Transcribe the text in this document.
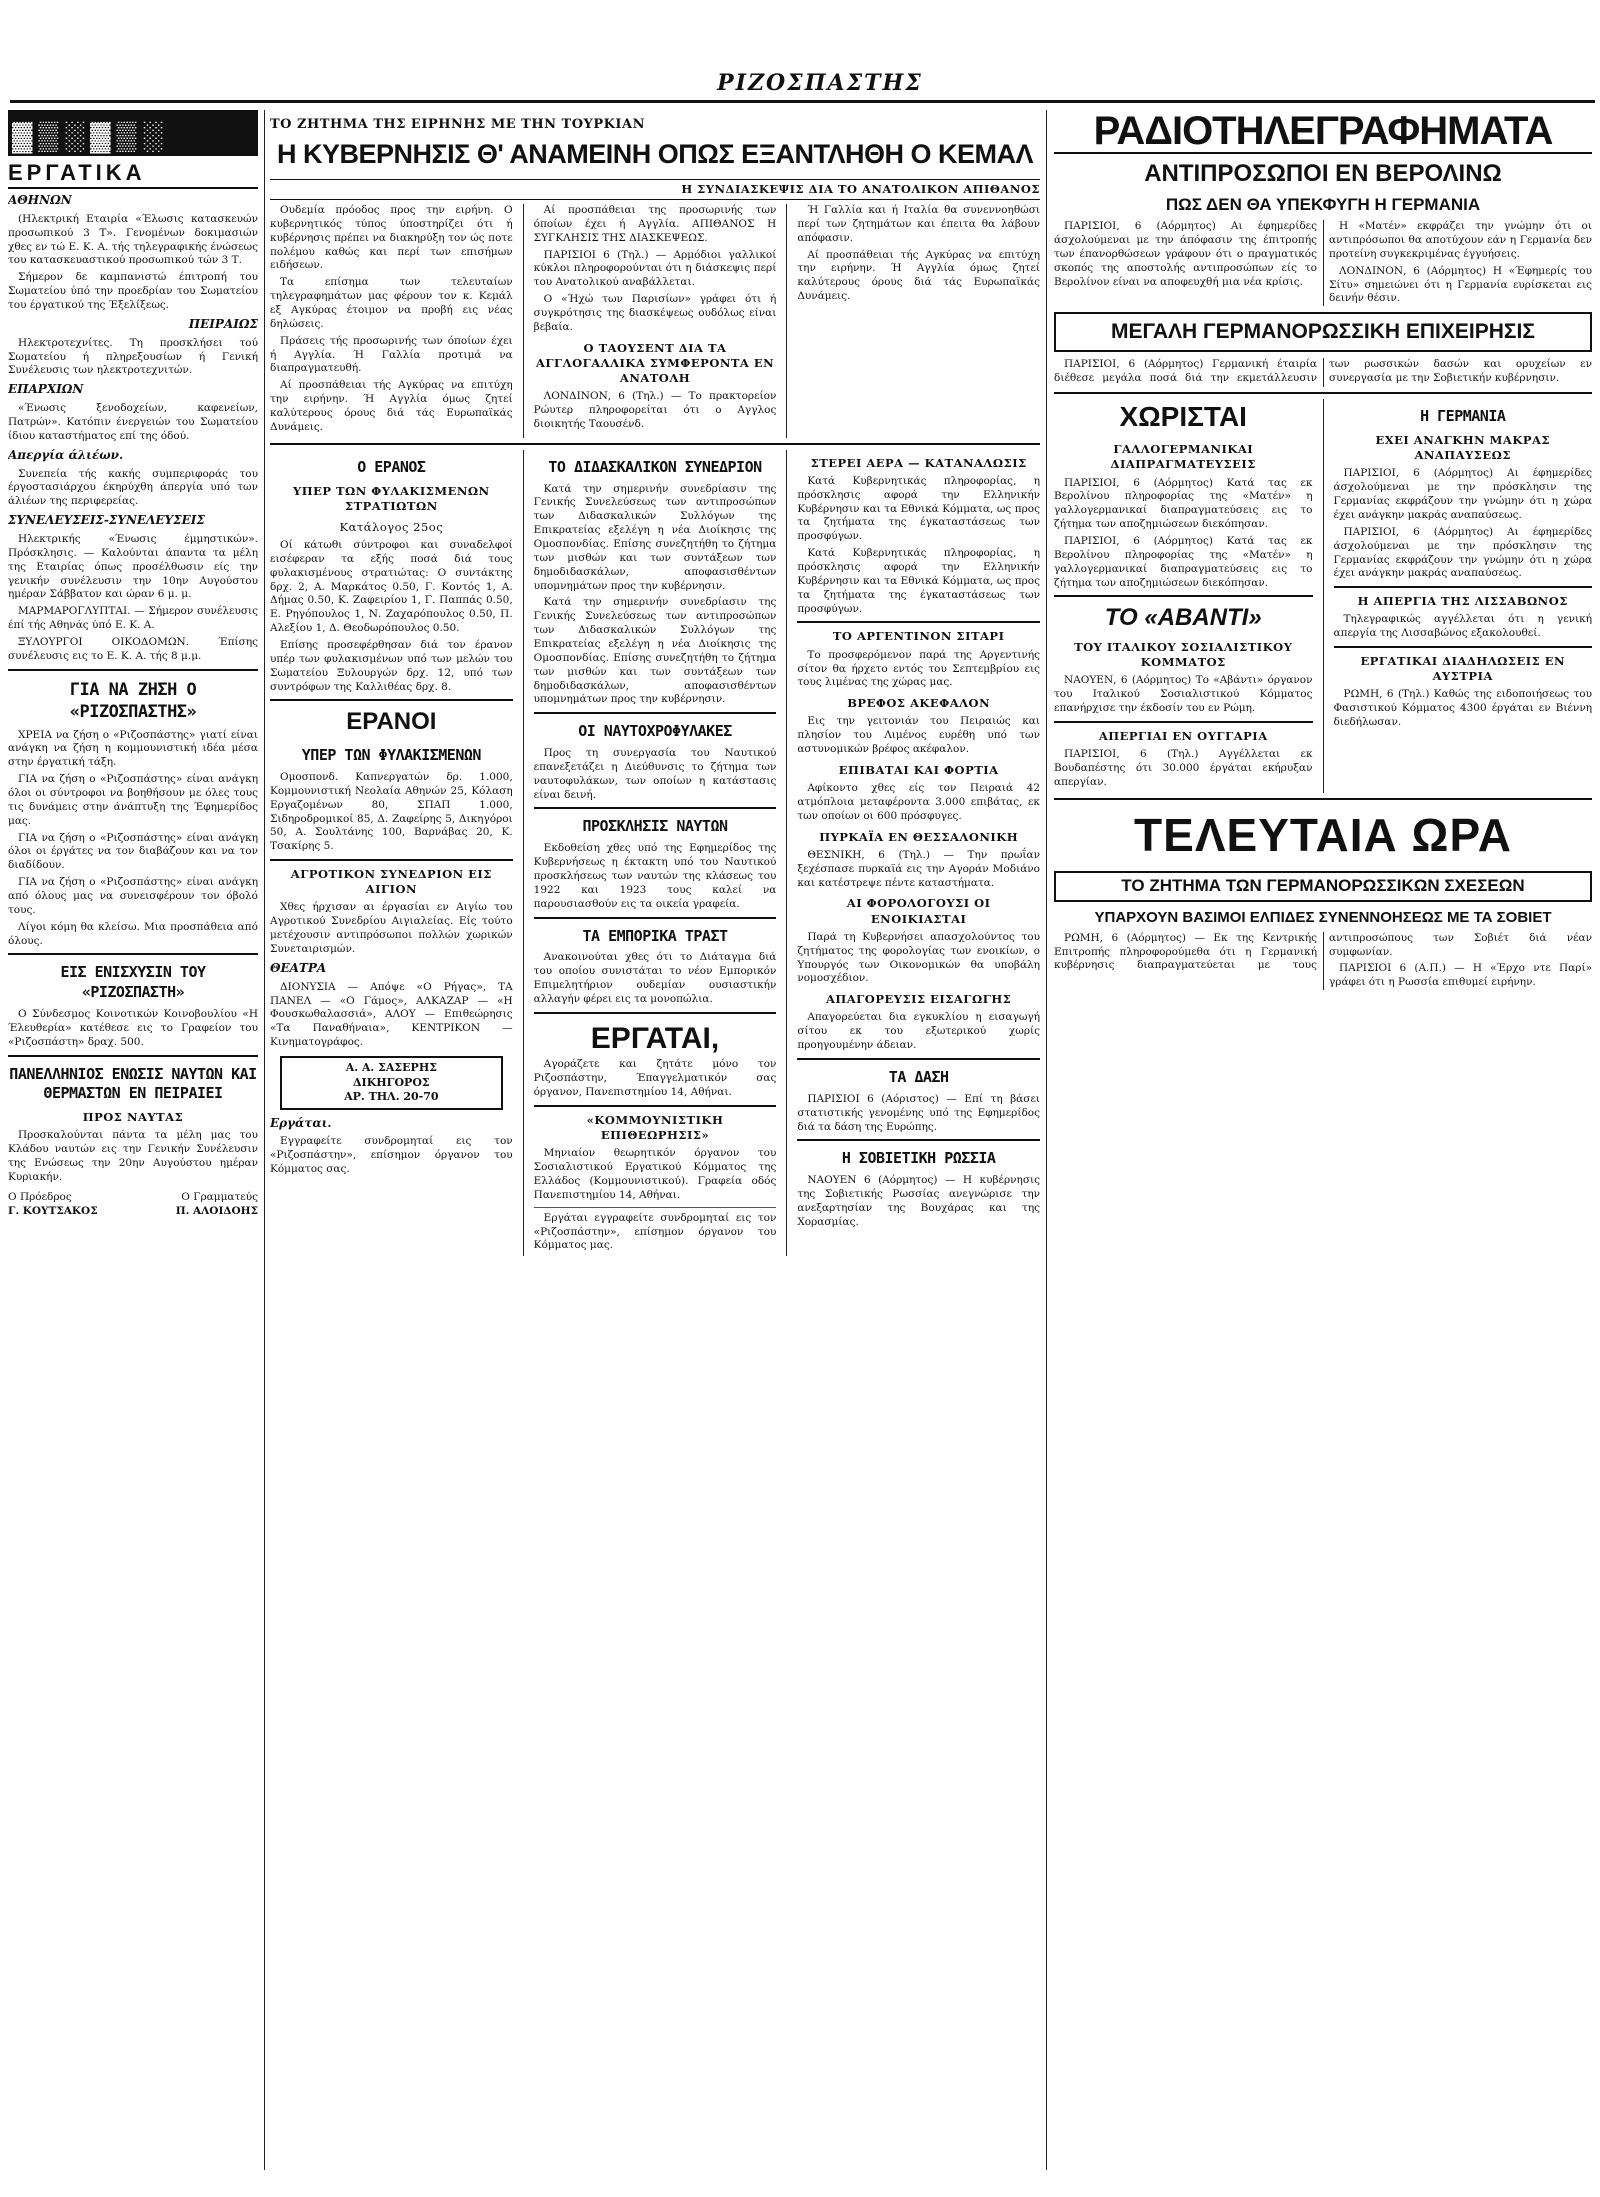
ΡΙΖΟΣΠΑΣΤΗΣ
▓▒░▓▒░
ΕΡΓΑΤΙΚΑ
ΑΘΗΝΩΝ

(Ηλεκτρική Εταιρία «Έλωσις κατασκευών προσωπικού 3 Τ». Γενομένων δοκιμασιών χθες εν τώ Ε. Κ. Α. τής τηλεγραφικής ένώσεως του κατασκευαστικού προσωπικού τών 3 Τ.

Σήμερον δε καμπανιστώ έπιτροπή του Σωματείου ύπό την προεδρίαν του Σωματείου του έργατικού της Έξελίξεως.

ΠΕΙΡΑΙΩΣ

Ηλεκτροτεχνίτες. Τη προσκλήσει τού Σωματείου ή πληρεξουσίων ή Γενική Συνέλευσις των ηλεκτροτεχνιτών.

ΕΠΑΡΧΙΩΝ

«Ένωσις ξενοδοχείων, καφενείων, Πατρών». Κατόπιν ένεργειών του Σωματείου ίδιου καταστήματος επί της όδού.

Απεργία άλιέων.

Συνεπεία τής κακής συμπεριφοράς του έργοστασιάρχου έκηρύχθη άπεργία υπό των άλιέων της περιφερείας.

ΣΥΝΕΛΕΥΣΕΙΣ-ΣΥΝΕΛΕΥΣΕΙΣ

Ηλεκτρικής «Ένωσις έμμηστικών». Πρόσκλησις. — Καλούνται άπαντα τα μέλη της Εταιρίας όπως προσέλθωσιν είς την γενικήν συνέλευσιν την 10ην Αυγούστου ημέραν Σάββατον και ώραν 6 μ. μ.

ΜΑΡΜΑΡΟΓΛΥΠΤΑΙ. — Σήμερον συνέλευσις έπί τής Αθηνάς ύπό Ε. Κ. Α.

ΞΥΛΟΥΡΓΟΙ ΟΙΚΟΔΟΜΩΝ. Έπίσης συνέλευσις εις το Ε. Κ. Α. τής 8 μ.μ.

ΓΙΑ ΝΑ ΖΗΣΗ Ο «ΡΙΖΟΣΠΑΣΤΗΣ»

ΧΡΕΙΑ να ζήση ο «Ριζοσπάστης» γιατί είναι ανάγκη να ζήση η κομμουνιστική ιδέα μέσα στην έργατική τάξη.

ΓΙΑ να ζήση ο «Ριζοσπάστης» είναι ανάγκη όλοι οι σύντροφοι να βοηθήσουν με όλες τους τις δυνάμεις στην άνάπτυξη της Έφημερίδος μας.

ΓΙΑ να ζήση ο «Ριζοσπάστης» είναι ανάγκη όλοι οι έργάτες να τον διαβάζουν και να τον διαδίδουν.

ΓΙΑ να ζήση ο «Ριζοσπάστης» είναι ανάγκη από όλους μας να συνεισφέρουν τον όβολό τους.

Λίγοι κόμη θα κλείσω. Μια προσπάθεια από όλους.

ΕΙΣ ΕΝΙΣΧΥΣΙΝ ΤΟΥ «ΡΙΖΟΣΠΑΣΤΗ»

Ο Σύνδεσμος Κοινοτικών Κοινοβουλίου «Η Έλευθερία» κατέθεσε εις το Γραφείον του «Ριζοσπάστη» δραχ. 500.

ΠΑΝΕΛΛΗΝΙΟΣ ΕΝΩΣΙΣ ΝΑΥΤΩΝ ΚΑΙ ΘΕΡΜΑΣΤΩΝ ΕΝ ΠΕΙΡΑΙΕΙ
ΠΡΟΣ ΝΑΥΤΑΣ

Προσκαλούνται πάντα τα μέλη μας του Κλάδου ναυτών εις την Γενικήν Συνέλευσιν της Ενώσεως την 20ην Αυγούστου ημέραν Κυριακήν.

Ο Πρόεδρος
Γ. ΚΟΥΤΣΑΚΟΣ
Ο Γραμματεύς
Π. ΑΛΟΙΔΟΗΣ
ΤΟ ΖΗΤΗΜΑ ΤΗΣ ΕΙΡΗΝΗΣ ΜΕ ΤΗΝ ΤΟΥΡΚΙΑΝ
Η ΚΥΒΕΡΝΗΣΙΣ Θ' ΑΝΑΜΕΙΝΗ ΟΠΩΣ ΕΞΑΝΤΛΗΘΗ Ο ΚΕΜΑΛ
Η ΣΥΝΔΙΑΣΚΕΨΙΣ ΔΙΑ ΤΟ ΑΝΑΤΟΛΙΚΟΝ ΑΠΙΘΑΝΟΣ

Ουδεμία πρόοδος προς την ειρήνη. Ο κυβερνητικός τύπος ύποστηρίζει ότι ή κυβέρνησις πρέπει να διακηρύξη τον ώς ποτε πολέμου καθώς και περί των επισήμων ειδήσεων.

Τα επίσημα των τελευταίων τηλεγραφημάτων μας φέρουν τον κ. Κεμάλ εξ Αγκύρας έτοιμον να προβή εις νέας δηλώσεις.

Πράσεις τής προσωρινής των όποίων έχει ή Αγγλία. Ή Γαλλία προτιμά να διαπραγματευθή.

Αί προσπάθειαι τής Αγκύρας να επιτύχη την ειρήνην. Ή Αγγλία όμως ζητεί καλύτερους όρους διά τάς Ευρωπαϊκάς Δυνάμεις.

Αί προσπάθειαι της προσωρινής των όποίων έχει ή Αγγλία. ΑΠΙΘΑΝΟΣ Η ΣΥΓΚΛΗΣΙΣ ΤΗΣ ΔΙΑΣΚΕΨΕΩΣ.

ΠΑΡΙΣΙΟΙ 6 (Τηλ.) — Αρμόδιοι γαλλικοί κύκλοι πληροφορούνται ότι η διάσκεψις περί του Ανατολικού αναβάλλεται.

Ο «Ήχώ των Παρισίων» γράφει ότι ή συγκρότησις της διασκέψεως ουδόλως είναι βεβαία.

Ο ΤΑΟΥΣΕΝΤ ΔΙΑ ΤΑ ΑΓΓΛΟΓΑΛΛΙΚΑ ΣΥΜΦΕΡΟΝΤΑ ΕΝ ΑΝΑΤΟΛΗ

ΛΟΝΔΙΝΟΝ, 6 (Τηλ.) — Το πρακτορείον Ρώυτερ πληροφορείται ότι ο Αγγλος διοικητής Ταουσένδ.

Ή Γαλλία και ή Ιταλία θα συνεννοηθώσι περί των ζητημάτων και έπειτα θα λάβουν απόφασιν.

Αί προσπάθειαι τής Αγκύρας να επιτύχη την ειρήνην. Ή Αγγλία όμως ζητεί καλύτερους όρους διά τάς Ευρωπαϊκάς Δυνάμεις.

Ο ΕΡΑΝΟΣ
ΥΠΕΡ ΤΩΝ ΦΥΛΑΚΙΣΜΕΝΩΝ ΣΤΡΑΤΙΩΤΩΝ
Κατάλογος 25ος

Οί κάτωθι σύντροφοι και συναδελφοί εισέφεραν τα εξής ποσά διά τους φυλακισμένους στρατιώτας: Ο συντάκτης δρχ. 2, Α. Μαρκάτος 0.50, Γ. Κοντός 1, Α. Δήμας 0.50, Κ. Ζαφειρίου 1, Γ. Παππάς 0.50, Ε. Ρηγόπουλος 1, Ν. Ζαχαρόπουλος 0.50, Π. Αλεξίου 1, Δ. Θεοδωρόπουλος 0.50.

Επίσης προσεφέρθησαν διά τον έρανον υπέρ των φυλακισμένων υπό των μελών του Σωματείου Ξυλουργών δρχ. 12, υπό των συντρόφων της Καλλιθέας δρχ. 8.

ΕΡΑΝΟΙ
ΥΠΕΡ ΤΩΝ ΦΥΛΑΚΙΣΜΕΝΩΝ

Ομοσπονδ. Καπνεργατών δρ. 1.000, Κομμουνιστική Νεολαία Αθηνών 25, Κόλαση Εργαζομένων 80, ΣΠΑΠ 1.000, Σιδηροδρομικοί 85, Δ. Ζαφείρης 5, Δικηγόροι 50, Α. Σουλτάνης 100, Βαρνάβας 20, Κ. Τσακίρης 5.

ΑΓΡΟΤΙΚΟΝ ΣΥΝΕΔΡΙΟΝ ΕΙΣ ΑΙΓΙΟΝ

Χθες ήρχισαν αι έργασίαι εν Αιγίω του Αγροτικού Συνεδρίου Αιγιαλείας. Είς τούτο μετέχουσιν αντιπρόσωποι πολλών χωρικών Συνεταιρισμών.

ΘΕΑΤΡΑ

ΔΙΟΝΥΣΙΑ — Απόψε «Ο Ρήγας», ΤΑ ΠΑΝΕΛ — «Ο Γάμος», ΑΛΚΑΖΑΡ — «Η Φουσκωθαλασσιά», ΑΛΟΥ — Επιθεώρησις «Τα Παναθήναια», ΚΕΝΤΡΙΚΟΝ — Κινηματογράφος.

Α. Α. ΣΑΣΕΡΗΣ
ΔΙΚΗΓΟΡΟΣ
ΑΡ. ΤΗΛ. 20-70
Εργάται.

Εγγραφείτε συνδρομηταί εις τον «Ριζοσπάστην», επίσημον όργανον του Κόμματος σας.

ΤΟ ΔΙΔΑΣΚΑΛΙΚΟΝ ΣΥΝΕΔΡΙΟΝ

Κατά την σημερινήν συνεδρίασιν της Γενικής Συνελεύσεως των αντιπροσώπων των Διδασκαλικών Συλλόγων της Επικρατείας εξελέγη η νέα Διοίκησις της Ομοσπονδίας. Επίσης συνεζητήθη το ζήτημα των μισθών και των συντάξεων των δημοδιδασκάλων, αποφασισθέντων υπομνημάτων προς την κυβέρνησιν.

Κατά την σημερινήν συνεδρίασιν της Γενικής Συνελεύσεως των αντιπροσώπων των Διδασκαλικών Συλλόγων της Επικρατείας εξελέγη η νέα Διοίκησις της Ομοσπονδίας. Επίσης συνεζητήθη το ζήτημα των μισθών και των συντάξεων των δημοδιδασκάλων, αποφασισθέντων υπομνημάτων προς την κυβέρνησιν.

ΟΙ ΝΑΥΤΟΧΡΟΦΥΛΑΚΕΣ

Προς τη συνεργασία του Ναυτικού επανεξετάζει η Διεύθυνσις το ζήτημα των ναυτοφυλάκων, των οποίων η κατάστασις είναι δεινή.

ΠΡΟΣΚΛΗΣΙΣ ΝΑΥΤΩΝ

Εκδοθείση χθες υπό της Εφημερίδος της Κυβερνήσεως η έκτακτη υπό του Ναυτικού προσκλήσεως των ναυτών της κλάσεως του 1922 και 1923 τους καλεί να παρουσιασθούν εις τα οικεία γραφεία.

ΤΑ ΕΜΠΟΡΙΚΑ ΤΡΑΣΤ

Ανακοινούται χθες ότι το Διάταγμα διά του οποίου συνιστάται το νέον Εμπορικόν Επιμελητήριον ουδεμίαν ουσιαστικήν αλλαγήν φέρει εις τα μονοπώλια.

ΕΡΓΑΤΑΙ,

Αγοράζετε και ζητάτε μόνο τον Ριζοσπάστην, Έπαγγελματικόν σας όργανον, Πανεπιστημίου 14, Αθήναι.

«ΚΟΜΜΟΥΝΙΣΤΙΚΗ ΕΠΙΘΕΩΡΗΣΙΣ»

Μηνιαίον θεωρητικόν όργανον του Σοσιαλιστικού Εργατικού Κόμματος της Ελλάδος (Κομμουνιστικού). Γραφεία οδός Πανεπιστημίου 14, Αθήναι.

Εργάται εγγραφείτε συνδρομηταί εις τον «Ριζοσπάστην», επίσημον όργανον του Κόμματος μας.

ΣΤΕΡΕΙ ΑΕΡΑ — ΚΑΤΑΝΑΛΩΣΙΣ

Κατά Κυβερνητικάς πληροφορίας, η πρόσκλησις αφορά την Ελληνικήν Κυβέρνησιν και τα Εθνικά Κόμματα, ως προς τα ζητήματα της έγκαταστάσεως των προσφύγων.

Κατά Κυβερνητικάς πληροφορίας, η πρόσκλησις αφορά την Ελληνικήν Κυβέρνησιν και τα Εθνικά Κόμματα, ως προς τα ζητήματα της έγκαταστάσεως των προσφύγων.

ΤΟ ΑΡΓΕΝΤΙΝΟΝ ΣΙΤΑΡΙ

Το προσφερόμενον παρά της Αργεντινής σίτον θα ήρχετο εντός του Σεπτεμβρίου εις τους λιμένας της χώρας μας.

ΒΡΕΦΟΣ ΑΚΕΦΑΛΟΝ

Εις την γειτονιάν του Πειραιώς και πλησίον του Λιμένος ευρέθη υπό των αστυνομικών βρέφος ακέφαλον.

ΕΠΙΒΑΤΑΙ ΚΑΙ ΦΟΡΤΙΑ

Αφίκοντο χθες είς τον Πειραιά 42 ατμόπλοια μεταφέροντα 3.000 επιβάτας, εκ των οποίων οι 600 πρόσφυγες.

ΠΥΡΚΑΪΑ ΕΝ ΘΕΣΣΑΛΟΝΙΚΗ

ΘΕΣΝΙΚΗ, 6 (Τηλ.) — Την πρωΐαν ξεχέσπασε πυρκαϊά εις την Αγοράν Μοδιάνο και κατέστρεψε πέντε καταστήματα.

ΑΙ ΦΟΡΟΛΟΓΟΥΣΙ ΟΙ ΕΝΟΙΚΙΑΣΤΑΙ

Παρά τη Κυβερνήσει απασχολούντος του ζητήματος της φορολογίας των ενοικίων, ο Υπουργός των Οικονομικών θα υποβάλη νομοσχέδιον.

ΑΠΑΓΟΡΕΥΣΙΣ ΕΙΣΑΓΩΓΗΣ

Απαγορεύεται δια εγκυκλίου η εισαγωγή σίτου εκ του εξωτερικού χωρίς προηγουμένην άδειαν.

ΤΑ ΔΑΣΗ

ΠΑΡΙΣΙΟΙ 6 (Αόριστος) — Επί τη βάσει στατιστικής γενομένης υπό της Εφημερίδος διά τα δάση της Ευρώπης.

Η ΣΟΒΙΕΤΙΚΗ ΡΩΣΣΙΑ

ΝΑΟΥΕΝ 6 (Αόρμητος) — Η κυβέρνησις της Σοβιετικής Ρωσσίας ανεγνώρισε την ανεξαρτησίαν της Βουχάρας και της Χορασμίας.

ΡΑΔΙΟΤΗΛΕΓΡΑΦΗΜΑΤΑ
ΑΝΤΙΠΡΟΣΩΠΟΙ ΕΝ ΒΕΡΟΛΙΝΩ
ΠΩΣ ΔΕΝ ΘΑ ΥΠΕΚΦΥΓΗ Η ΓΕΡΜΑΝΙΑ

ΠΑΡΙΣΙΟΙ, 6 (Αόρμητος) Αι έφημερίδες άσχολούμεναι με την άπόφασιν της έπιτροπής των έπανορθώσεων γράφουν ότι ο πραγματικός σκοπός της αποστολής αντιπροσώπων είς το Βερολίνον είναι να αποφευχθή μια νέα κρίσις.

Η «Ματέν» εκφράζει την γνώμην ότι οι αντιπρόσωποι θα αποτύχουν εάν η Γερμανία δεν προτείνη συγκεκριμένας έγγυήσεις.

ΛΟΝΔΙΝΟΝ, 6 (Αόρμητος) Η «Έφημερίς του Σίτυ» σημειώνει ότι η Γερμανία ευρίσκεται εις δεινήν θέσιν.

ΜΕΓΑΛΗ ΓΕΡΜΑΝΟΡΩΣΣΙΚΗ ΕΠΙΧΕΙΡΗΣΙΣ

ΠΑΡΙΣΙΟΙ, 6 (Αόρμητος) Γερμανική έταιρία διέθεσε μεγάλα ποσά διά την εκμετάλλευσιν των ρωσσικών δασών και ορυχείων εν συνεργασία με την Σοβιετικήν κυβέρνησιν.

ΧΩΡΙΣΤΑΙ
ΓΑΛΛΟΓΕΡΜΑΝΙΚΑΙ ΔΙΑΠΡΑΓΜΑΤΕΥΣΕΙΣ

ΠΑΡΙΣΙΟΙ, 6 (Αόρμητος) Κατά τας εκ Βερολίνου πληροφορίας της «Ματέν» η γαλλογερμανικαί διαπραγματεύσεις εις το ζήτημα των αποζημιώσεων διεκόπησαν.

ΠΑΡΙΣΙΟΙ, 6 (Αόρμητος) Κατά τας εκ Βερολίνου πληροφορίας της «Ματέν» η γαλλογερμανικαί διαπραγματεύσεις εις το ζήτημα των αποζημιώσεων διεκόπησαν.

ΤΟ «ΑΒΑΝΤΙ»
ΤΟΥ ΙΤΑΛΙΚΟΥ ΣΟΣΙΑΛΙΣΤΙΚΟΥ ΚΟΜΜΑΤΟΣ

ΝΑΟΥΕΝ, 6 (Αόρμητος) Το «Αβάντι» όργανον του Ιταλικού Σοσιαλιστικού Κόμματος επανήρχισε την έκδοσίν του εν Ρώμη.

ΑΠΕΡΓΙΑΙ ΕΝ ΟΥΓΓΑΡΙΑ

ΠΑΡΙΣΙΟΙ, 6 (Τηλ.) Αγγέλλεται εκ Βουδαπέστης ότι 30.000 έργάται εκήρυξαν απεργίαν.

Η ΓΕΡΜΑΝΙΑ
ΕΧΕΙ ΑΝΑΓΚΗΝ ΜΑΚΡΑΣ ΑΝΑΠΑΥΣΕΩΣ

ΠΑΡΙΣΙΟΙ, 6 (Αόρμητος) Αι έφημερίδες άσχολούμεναι με την πρόσκλησιν της Γερμανίας εκφράζουν την γνώμην ότι η χώρα έχει ανάγκην μακράς αναπαύσεως.

ΠΑΡΙΣΙΟΙ, 6 (Αόρμητος) Αι έφημερίδες άσχολούμεναι με την πρόσκλησιν της Γερμανίας εκφράζουν την γνώμην ότι η χώρα έχει ανάγκην μακράς αναπαύσεως.

Η ΑΠΕΡΓΙΑ ΤΗΣ ΛΙΣΣΑΒΩΝΟΣ

Τηλεγραφικώς αγγέλλεται ότι η γενική απεργία της Λισσαβώνος εξακολουθεί.

ΕΡΓΑΤΙΚΑΙ ΔΙΑΔΗΛΩΣΕΙΣ ΕΝ ΑΥΣΤΡΙΑ

ΡΩΜΗ, 6 (Τηλ.) Καθώς της ειδοποιήσεως του Φασιστικού Κόμματος 4300 έργάται εν Βιέννη διεδήλωσαν.

ΤΕΛΕΥΤΑΙΑ ΩΡΑ
ΤΟ ΖΗΤΗΜΑ ΤΩΝ ΓΕΡΜΑΝΟΡΩΣΣΙΚΩΝ ΣΧΕΣΕΩΝ
ΥΠΑΡΧΟΥΝ ΒΑΣΙΜΟΙ ΕΛΠΙΔΕΣ ΣΥΝΕΝΝΟΗΣΕΩΣ ΜΕ ΤΑ ΣΟΒΙΕΤ

ΡΩΜΗ, 6 (Αόρμητος) — Εκ της Κεντρικής Επιτροπής πληροφορούμεθα ότι η Γερμανική κυβέρνησις διαπραγματεύεται με τους αντιπροσώπους των Σοβιέτ διά νέαν συμφωνίαν.

ΠΑΡΙΣΙΟΙ 6 (Α.Π.) — Η «Έρχο ντε Παρί» γράφει ότι η Ρωσσία επιθυμεί ειρήνην.
